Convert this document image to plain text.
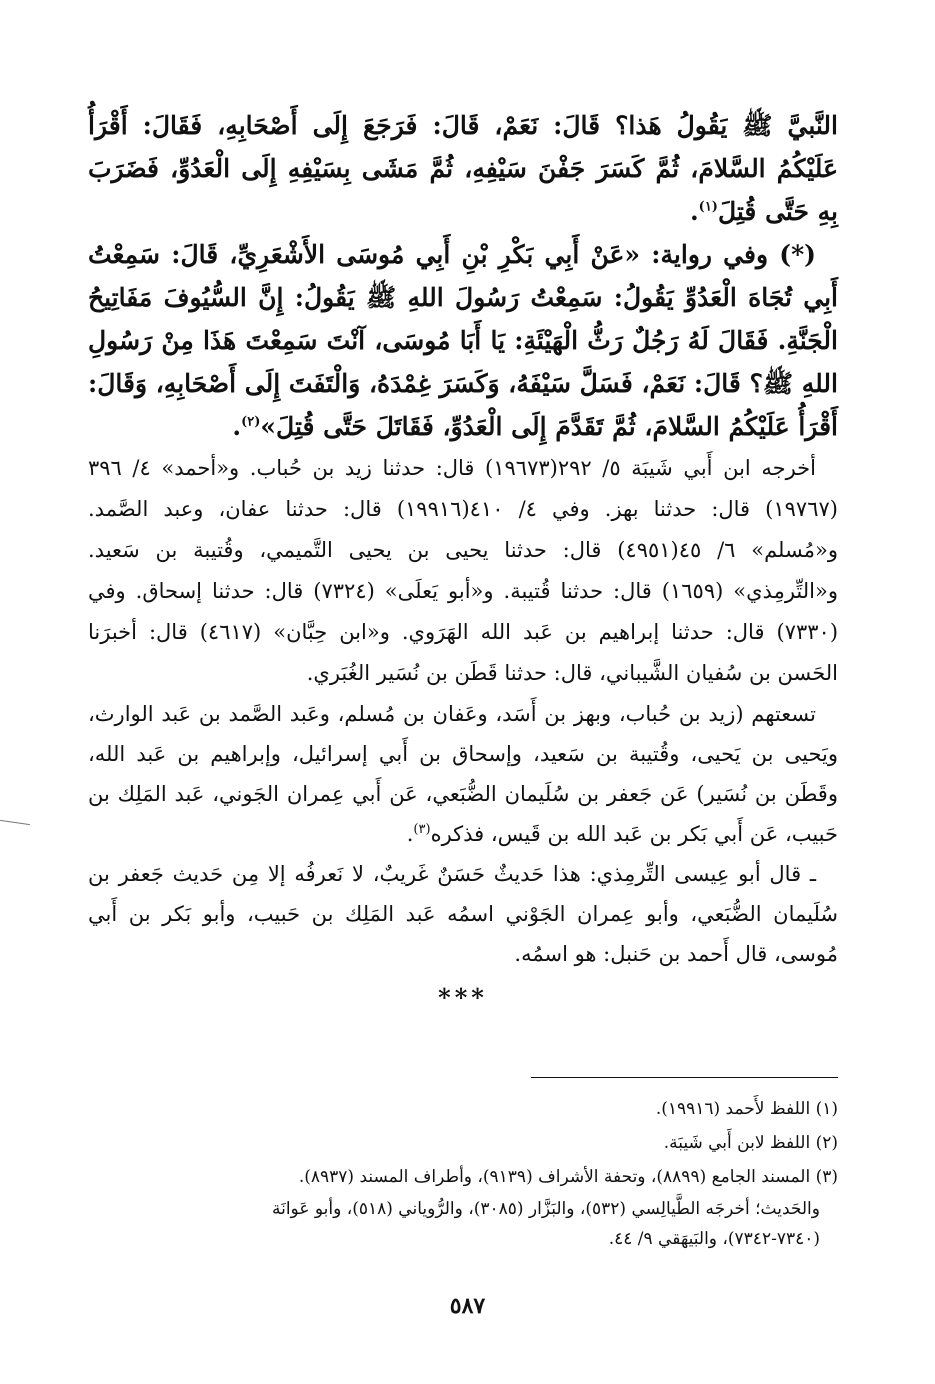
النَّبيَّ ﷺ يَقُولُ هَذا؟ قَالَ: نَعَمْ، قَالَ: فَرَجَعَ إِلَى أَصْحَابِهِ، فَقَالَ: أَقْرَأُ عَلَيْكُمُ السَّلامَ، ثُمَّ كَسَرَ جَفْنَ سَيْفِهِ، ثُمَّ مَشَى بِسَيْفِهِ إِلَى الْعَدُوِّ، فَضَرَبَ بِهِ حَتَّى قُتِلَ$^{(١)}$.

(*) وفي رواية: «عَنْ أَبِي بَكْرِ بْنِ أَبِي مُوسَى الأَشْعَرِيِّ، قَالَ: سَمِعْتُ أَبِي تُجَاهَ الْعَدُوِّ يَقُولُ: سَمِعْتُ رَسُولَ اللهِ ﷺ يَقُولُ: إِنَّ السُّيُوفَ مَفَاتِيحُ الْجَنَّةِ. فَقَالَ لَهُ رَجُلٌ رَثُّ الْهَيْئَةِ: يَا أَبَا مُوسَى، آنْتَ سَمِعْتَ هَذَا مِنْ رَسُولِ اللهِ ﷺ؟ قَالَ: نَعَمْ، فَسَلَّ سَيْفَهُ، وَكَسَرَ غِمْدَهُ، وَالْتَفَتَ إِلَى أَصْحَابِهِ، وَقَالَ: أَقْرَأُ عَلَيْكُمُ السَّلامَ، ثُمَّ تَقَدَّمَ إِلَى الْعَدُوِّ، فَقَاتَلَ حَتَّى قُتِلَ»$^{(٢)}$.

أخرجه ابن أَبي شَيبَة ٥/ ٢٩٢(١٩٦٧٣) قال: حدثنا زيد بن حُباب. و«أحمد» ٤/ ٣٩٦ (١٩٧٦٧) قال: حدثنا بهز. وفي ٤/ ٤١٠(١٩٩١٦) قال: حدثنا عفان، وعبد الصَّمد. و«مُسلم» ٦/ ٤٥(٤٩٥١) قال: حدثنا يحيى بن يحيى التَّميمي، وقُتيبة بن سَعيد. و«التِّرمِذي» (١٦٥٩) قال: حدثنا قُتيبة. و«أبو يَعلَى» (٧٣٢٤) قال: حدثنا إسحاق. وفي (٧٣٣٠) قال: حدثنا إبراهيم بن عَبد الله الهَرَوي. و«ابن حِبَّان» (٤٦١٧) قال: أخبرَنا الحَسن بن سُفيان الشَّيباني، قال: حدثنا قَطَن بن نُسَير الغُبَري.

تسعتهم (زيد بن حُباب، وبهز بن أَسَد، وعَفان بن مُسلم، وعَبد الصَّمد بن عَبد الوارث، ويَحيى بن يَحيى، وقُتيبة بن سَعيد، وإسحاق بن أَبي إسرائيل، وإبراهيم بن عَبد الله، وقَطَن بن نُسَير) عَن جَعفر بن سُلَيمان الضُّبَعي، عَن أَبي عِمران الجَوني، عَبد المَلِك بن حَبيب، عَن أَبي بَكر بن عَبد الله بن قَيس، فذكره$^{(٣)}$.

ـ قال أبو عِيسى التِّرمِذي: هذا حَديثٌ حَسَنٌ غَريبٌ، لا نَعرفُه إلا مِن حَديث جَعفر بن سُلَيمان الضُّبَعي، وأبو عِمران الجَوْني اسمُه عَبد المَلِك بن حَبيب، وأبو بَكر بن أَبي مُوسى، قال أَحمد بن حَنبل: هو اسمُه.

***

(١) اللفظ لأَحمد (١٩٩١٦).

(٢) اللفظ لابن أَبي شَيبَة.

(٣) المسند الجامع (٨٨٩٩)، وتحفة الأشراف (٩١٣٩)، وأطراف المسند (٨٩٣٧).

والحَديث؛ أخرجَه الطَّيالِسي (٥٣٢)، والبَزَّار (٣٠٨٥)، والرُّوياني (٥١٨)، وأبو عَوانَة

(٧٣٤٠-٧٣٤٢)، والبَيهَقي ٩/ ٤٤.

٥٨٧
